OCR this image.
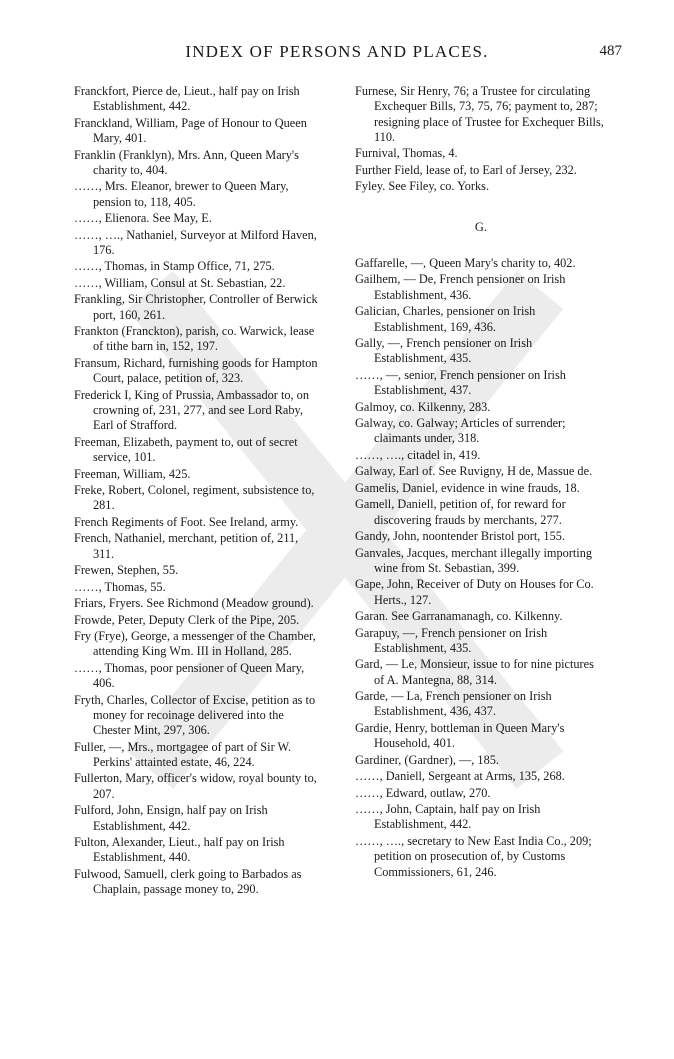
INDEX OF PERSONS AND PLACES.	487

Franckfort, Pierce de, Lieut., half pay on Irish Establishment, 442.

Franckland, William, Page of Honour to Queen Mary, 401.

Franklin (Franklyn), Mrs. Ann, Queen Mary's charity to, 404.

……, Mrs. Eleanor, brewer to Queen Mary, pension to, 118, 405.

……, Elienora. See May, E.

……, …., Nathaniel, Surveyor at Milford Haven, 176.

……, Thomas, in Stamp Office, 71, 275.

……, William, Consul at St. Sebastian, 22.

Frankling, Sir Christopher, Controller of Berwick port, 160, 261.

Frankton (Franckton), parish, co. Warwick, lease of tithe barn in, 152, 197.

Fransum, Richard, furnishing goods for Hampton Court, palace, petition of, 323.

Frederick I, King of Prussia, Ambassador to, on crowning of, 231, 277, and see Lord Raby, Earl of Strafford.

Freeman, Elizabeth, payment to, out of secret service, 101.

Freeman, William, 425.

Freke, Robert, Colonel, regiment, subsistence to, 281.

French Regiments of Foot. See Ireland, army.

French, Nathaniel, merchant, petition of, 211, 311.

Frewen, Stephen, 55.

……, Thomas, 55.

Friars, Fryers. See Richmond (Meadow ground).

Frowde, Peter, Deputy Clerk of the Pipe, 205.

Fry (Frye), George, a messenger of the Chamber, attending King Wm. III in Holland, 285.

……, Thomas, poor pensioner of Queen Mary, 406.

Fryth, Charles, Collector of Excise, petition as to money for recoinage delivered into the Chester Mint, 297, 306.

Fuller, —, Mrs., mortgagee of part of Sir W. Perkins' attainted estate, 46, 224.

Fullerton, Mary, officer's widow, royal bounty to, 207.

Fulford, John, Ensign, half pay on Irish Establishment, 442.

Fulton, Alexander, Lieut., half pay on Irish Establishment, 440.

Fulwood, Samuell, clerk going to Barbados as Chaplain, passage money to, 290.

Furnese, Sir Henry, 76; a Trustee for circulating Exchequer Bills, 73, 75, 76; payment to, 287; resigning place of Trustee for Exchequer Bills, 110.

Furnival, Thomas, 4.

Further Field, lease of, to Earl of Jersey, 232.

Fyley. See Filey, co. Yorks.

G.

Gaffarelle, —, Queen Mary's charity to, 402.

Gailhem, — De, French pensioner on Irish Establishment, 436.

Galician, Charles, pensioner on Irish Establishment, 169, 436.

Gally, —, French pensioner on Irish Establishment, 435.

……, —, senior, French pensioner on Irish Establishment, 437.

Galmoy, co. Kilkenny, 283.

Galway, co. Galway; Articles of surrender; claimants under, 318.

……, …., citadel in, 419.

Galway, Earl of. See Ruvigny, H de, Massue de.

Gamelis, Daniel, evidence in wine frauds, 18.

Gamell, Daniell, petition of, for reward for discovering frauds by merchants, 277.

Gandy, John, noontender Bristol port, 155.

Ganvales, Jacques, merchant illegally importing wine from St. Sebastian, 399.

Gape, John, Receiver of Duty on Houses for Co. Herts., 127.

Garan. See Garranamanagh, co. Kilkenny.

Garapuy, —, French pensioner on Irish Establishment, 435.

Gard, — Le, Monsieur, issue to for nine pictures of A. Mantegna, 88, 314.

Garde, — La, French pensioner on Irish Establishment, 436, 437.

Gardie, Henry, bottleman in Queen Mary's Household, 401.

Gardiner, (Gardner), —, 185.

……, Daniell, Sergeant at Arms, 135, 268.

……, Edward, outlaw, 270.

……, John, Captain, half pay on Irish Establishment, 442.

……, …., secretary to New East India Co., 209; petition on prosecution of, by Customs Commissioners, 61, 246.
